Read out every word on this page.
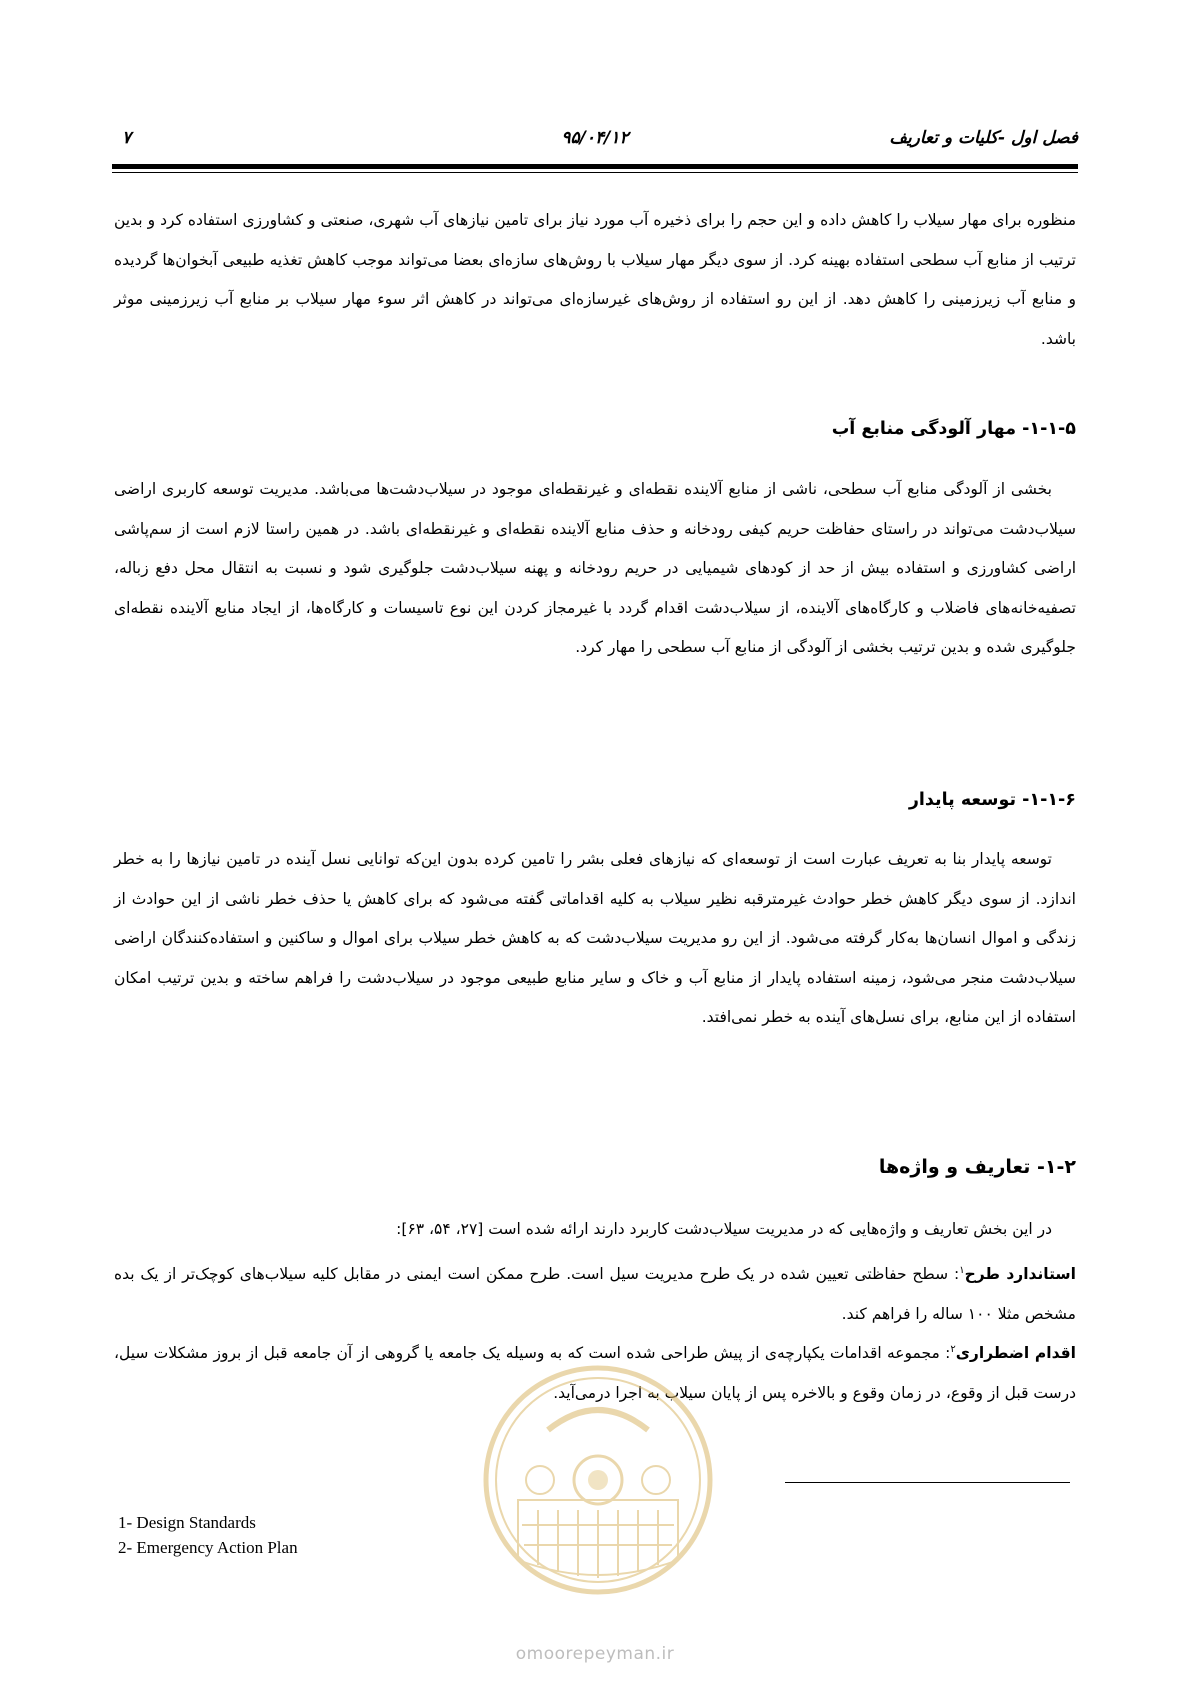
۷	۹۵/۰۴/۱۲	فصل اول -کلیات و تعاریف

منظوره برای مهار سیلاب را کاهش داده و این حجم را برای ذخیره آب مورد نیاز برای تامین نیازهای آب شهری، صنعتی و کشاورزی استفاده کرد و بدین ترتیب از منابع آب سطحی استفاده بهینه کرد. از سوی دیگر مهار سیلاب با روش‌های سازه‌ای بعضا می‌تواند موجب کاهش تغذیه طبیعی آبخوان‌ها گردیده و منابع آب زیرزمینی را کاهش دهد. از این رو استفاده از روش‌های غیرسازه‌ای می‌تواند در کاهش اثر سوء مهار سیلاب بر منابع آب زیرزمینی موثر باشد.

۱-۱-۵- مهار آلودگی منابع آب

بخشی از آلودگی منابع آب سطحی، ناشی از منابع آلاینده نقطه‌ای و غیرنقطه‌ای موجود در سیلاب‌دشت‌ها می‌باشد. مدیریت توسعه کاربری اراضی سیلاب‌دشت می‌تواند در راستای حفاظت حریم کیفی رودخانه و حذف منابع آلاینده نقطه‌ای و غیرنقطه‌ای باشد. در همین راستا لازم است از سم‌پاشی اراضی کشاورزی و استفاده بیش از حد از کودهای شیمیایی در حریم رودخانه و پهنه سیلاب‌دشت جلوگیری شود و نسبت به انتقال محل دفع زباله، تصفیه‌خانه‌های فاضلاب و کارگاه‌های آلاینده، از سیلاب‌دشت اقدام گردد با غیرمجاز کردن این نوع تاسیسات و کارگاه‌ها، از ایجاد منابع آلاینده نقطه‌ای جلوگیری شده و بدین ترتیب بخشی از آلودگی از منابع آب سطحی را مهار کرد.

۱-۱-۶- توسعه پایدار

توسعه پایدار بنا به تعریف عبارت است از توسعه‌ای که نیازهای فعلی بشر را تامین کرده بدون این‌که توانایی نسل آینده در تامین نیازها را به خطر اندازد. از سوی دیگر کاهش خطر حوادث غیرمترقبه نظیر سیلاب به کلیه اقداماتی گفته می‌شود که برای کاهش یا حذف خطر ناشی از این حوادث از زندگی و اموال انسان‌ها به‌کار گرفته می‌شود. از این رو مدیریت سیلاب‌دشت که به کاهش خطر سیلاب برای اموال و ساکنین و استفاده‌کنندگان اراضی سیلاب‌دشت منجر می‌شود، زمینه استفاده پایدار از منابع آب و خاک و سایر منابع طبیعی موجود در سیلاب‌دشت را فراهم ساخته و بدین ترتیب امکان استفاده از این منابع، برای نسل‌های آینده به خطر نمی‌افتد.

۱-۲- تعاریف و واژه‌ها

در این بخش تعاریف و واژه‌هایی که در مدیریت سیلاب‌دشت کاربرد دارند ارائه شده است [۲۷، ۵۴، ۶۳]:

استاندارد طرح$^۱$: سطح حفاظتی تعیین شده در یک طرح مدیریت سیل است. طرح ممکن است ایمنی در مقابل کلیه سیلاب‌های کوچک‌تر از یک بده مشخص مثلا ۱۰۰ ساله را فراهم کند.

اقدام اضطراری$^۲$: مجموعه اقدامات یکپارچه‌ی از پیش طراحی شده است که به وسیله یک جامعه یا گروهی از آن جامعه قبل از بروز مشکلات سیل، درست قبل از وقوع، در زمان وقوع و بالاخره پس از پایان سیلاب به اجرا درمی‌آید.

omoorepeyman.ir
1- Design Standards
2- Emergency Action Plan
